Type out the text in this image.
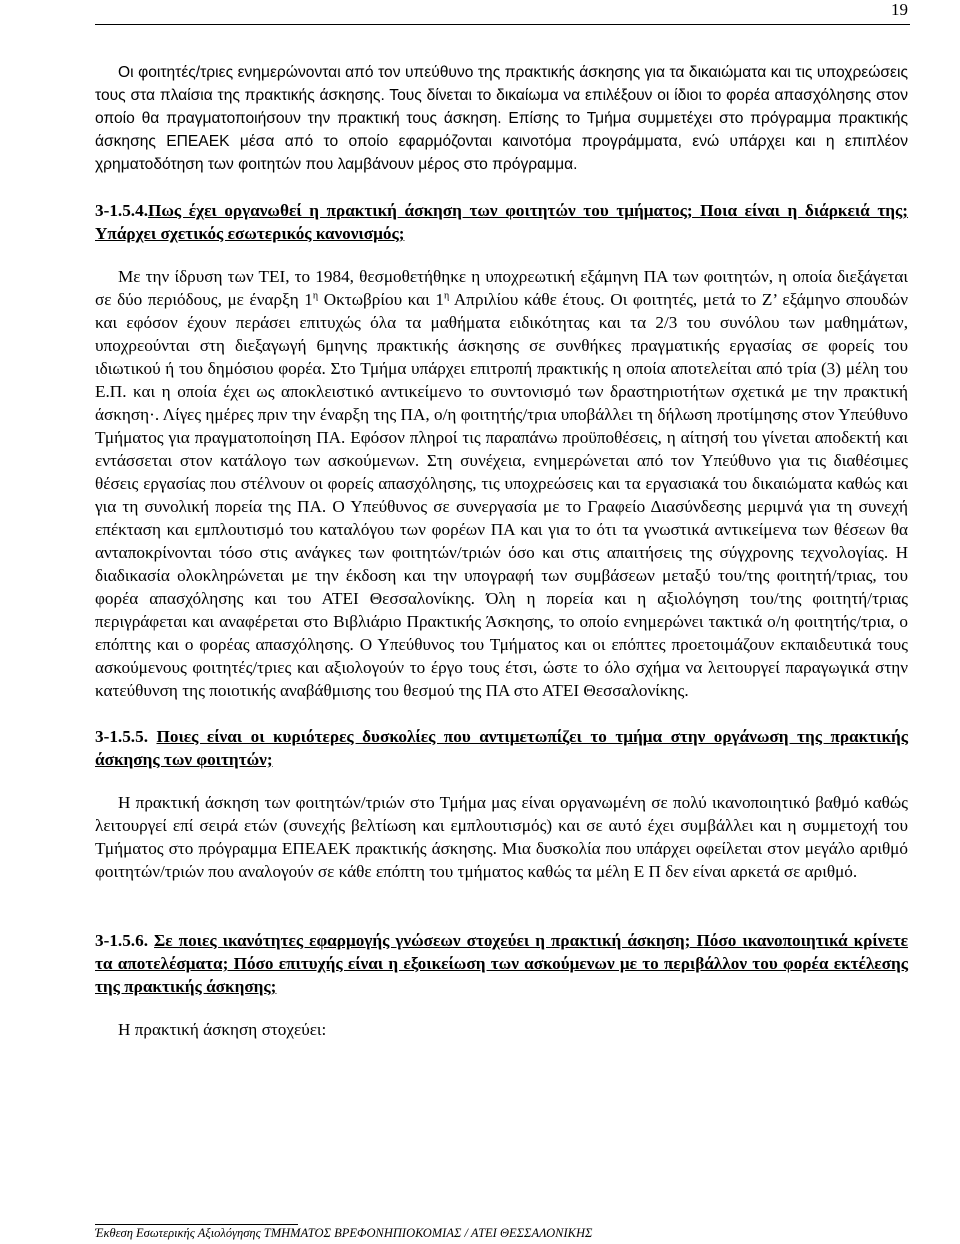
19

Οι φοιτητές/τριες ενημερώνονται από τον υπεύθυνο της πρακτικής άσκησης για τα δικαιώματα και τις υποχρεώσεις τους στα πλαίσια της πρακτικής άσκησης. Τους δίνεται το δικαίωμα να επιλέξουν οι ίδιοι το φορέα απασχόλησης στον οποίο θα πραγματοποιήσουν την πρακτική τους άσκηση. Επίσης το Τμήμα συμμετέχει στο πρόγραμμα πρακτικής άσκησης ΕΠΕΑΕΚ μέσα από το οποίο εφαρμόζονται καινοτόμα προγράμματα, ενώ υπάρχει και η επιπλέον χρηματοδότηση των φοιτητών που λαμβάνουν μέρος στο πρόγραμμα.

3-1.5.4.Πως έχει οργανωθεί η πρακτική άσκηση των φοιτητών του τμήματος; Ποια είναι η διάρκειά της; Υπάρχει σχετικός εσωτερικός κανονισμός;

Με την ίδρυση των ΤΕΙ, το 1984, θεσμοθετήθηκε η υποχρεωτική εξάμηνη ΠΑ των φοιτητών, η οποία διεξάγεται σε δύο περιόδους, με έναρξη $1^\eta$ Οκτωβρίου και $1^\eta$ Απριλίου κάθε έτους. Οι φοιτητές, μετά το Ζ’ εξάμηνο σπουδών και εφόσον έχουν περάσει επιτυχώς όλα τα μαθήματα ειδικότητας και τα 2/3 του συνόλου των μαθημάτων, υποχρεούνται στη διεξαγωγή 6μηνης πρακτικής άσκησης σε συνθήκες πραγματικής εργασίας σε φορείς του ιδιωτικού ή του δημόσιου φορέα. Στο Τμήμα υπάρχει επιτροπή πρακτικής η οποία αποτελείται από τρία (3) μέλη του Ε.Π. και η οποία έχει ως αποκλειστικό αντικείμενο το συντονισμό των δραστηριοτήτων σχετικά με την πρακτική άσκηση·. Λίγες ημέρες πριν την έναρξη της ΠΑ, ο/η φοιτητής/τρια υποβάλλει τη δήλωση προτίμησης στον Υπεύθυνο Τμήματος για πραγματοποίηση ΠΑ. Εφόσον πληροί τις παραπάνω προϋποθέσεις, η αίτησή του γίνεται αποδεκτή και εντάσσεται στον κατάλογο των ασκούμενων. Στη συνέχεια, ενημερώνεται από τον Υπεύθυνο για τις διαθέσιμες θέσεις εργασίας που στέλνουν οι φορείς απασχόλησης, τις υποχρεώσεις και τα εργασιακά του δικαιώματα καθώς και για τη συνολική πορεία της ΠΑ. Ο Υπεύθυνος σε συνεργασία με το Γραφείο Διασύνδεσης μεριμνά για τη συνεχή επέκταση και εμπλουτισμό του καταλόγου των φορέων ΠΑ και για το ότι τα γνωστικά αντικείμενα των θέσεων θα ανταποκρίνονται τόσο στις ανάγκες των φοιτητών/τριών όσο και στις απαιτήσεις της σύγχρονης τεχνολογίας. Η διαδικασία ολοκληρώνεται με την έκδοση και την υπογραφή των συμβάσεων μεταξύ του/της φοιτητή/τριας, του φορέα απασχόλησης και του ΑΤΕΙ Θεσσαλονίκης. Όλη η πορεία και η αξιολόγηση του/της φοιτητή/τριας περιγράφεται και αναφέρεται στο Βιβλιάριο Πρακτικής Άσκησης, το οποίο ενημερώνει τακτικά ο/η φοιτητής/τρια, ο επόπτης και ο φορέας απασχόλησης. Ο Υπεύθυνος του Τμήματος και οι επόπτες προετοιμάζουν εκπαιδευτικά τους ασκούμενους φοιτητές/τριες και αξιολογούν το έργο τους έτσι, ώστε το όλο σχήμα να λειτουργεί παραγωγικά στην κατεύθυνση της ποιοτικής αναβάθμισης του θεσμού της ΠΑ στο ΑΤΕΙ Θεσσαλονίκης.

3-1.5.5. Ποιες είναι οι κυριότερες δυσκολίες που αντιμετωπίζει το τμήμα στην οργάνωση της πρακτικής άσκησης των φοιτητών;

Η πρακτική άσκηση των φοιτητών/τριών στο Τμήμα μας είναι οργανωμένη σε πολύ ικανοποιητικό βαθμό καθώς λειτουργεί επί σειρά ετών (συνεχής βελτίωση και εμπλουτισμός) και σε αυτό έχει συμβάλλει και η συμμετοχή του Τμήματος στο πρόγραμμα ΕΠΕΑΕΚ πρακτικής άσκησης. Μια δυσκολία που υπάρχει οφείλεται στον μεγάλο αριθμό φοιτητών/τριών που αναλογούν σε κάθε επόπτη του τμήματος καθώς τα μέλη Ε Π δεν είναι αρκετά σε αριθμό.

3-1.5.6. Σε ποιες ικανότητες εφαρμογής γνώσεων στοχεύει η πρακτική άσκηση; Πόσο ικανοποιητικά κρίνετε τα αποτελέσματα; Πόσο επιτυχής είναι η εξοικείωση των ασκούμενων με το περιβάλλον του φορέα εκτέλεσης της πρακτικής άσκησης;

Η πρακτική άσκηση στοχεύει:

Έκθεση Εσωτερικής Αξιολόγησης ΤΜΗΜΑΤΟΣ ΒΡΕΦΟΝΗΠΙΟΚΟΜΙΑΣ / ΑΤΕΙ ΘΕΣΣΑΛΟΝΙΚΗΣ
